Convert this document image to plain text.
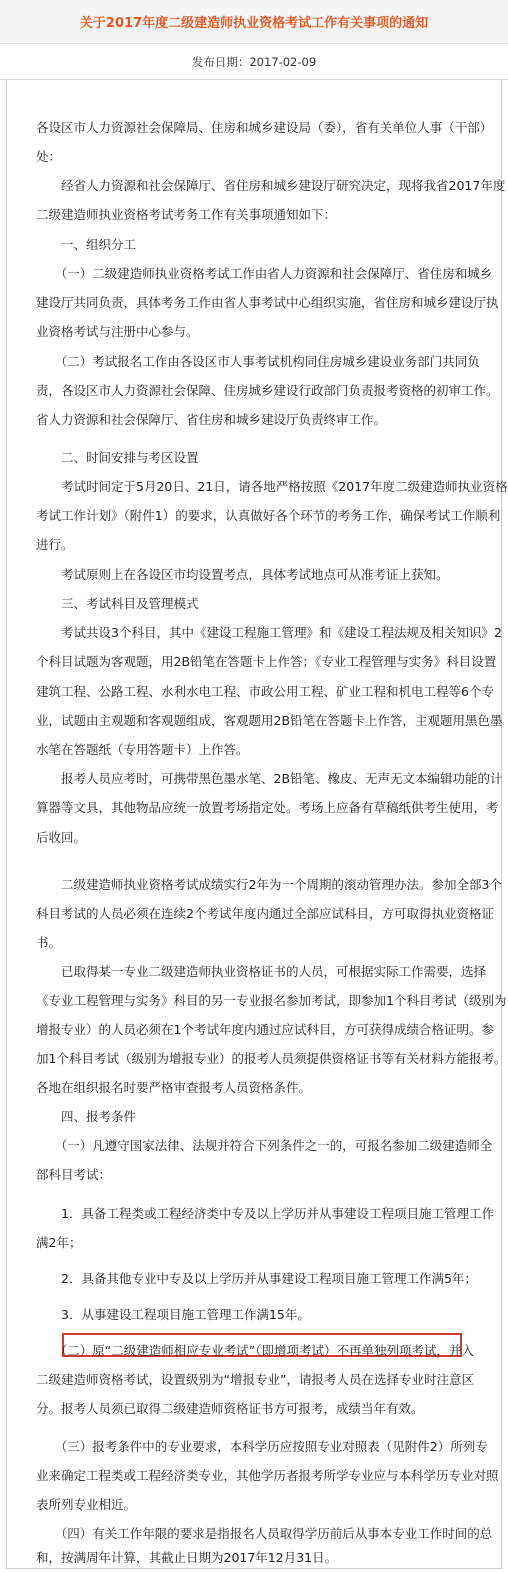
关于2017年度二级建造师执业资格考试工作有关事项的通知
发布日期： 2017-02-09
各设区市人力资源社会保障局、住房和城乡建设局（委），省有关单位人事（干部）
处：
　　经省人力资源和社会保障厅、省住房和城乡建设厅研究决定，现将我省2017年度
二级建造师执业资格考试考务工作有关事项通知如下：
　　一、组织分工
　　（一）二级建造师执业资格考试工作由省人力资源和社会保障厅、省住房和城乡
建设厅共同负责，具体考务工作由省人事考试中心组织实施，省住房和城乡建设厅执
业资格考试与注册中心参与。
　　（二）考试报名工作由各设区市人事考试机构同住房城乡建设业务部门共同负
责，各设区市人力资源社会保障、住房城乡建设行政部门负责报考资格的初审工作。
省人力资源和社会保障厅、省住房和城乡建设厅负责终审工作。
　　二、时间安排与考区设置
　　考试时间定于5月20日、21日，请各地严格按照《2017年度二级建造师执业资格
考试工作计划》（附件1）的要求，认真做好各个环节的考务工作，确保考试工作顺利
进行。
　　考试原则上在各设区市均设置考点，具体考试地点可从准考证上获知。
　　三、考试科目及管理模式
　　考试共设3个科目，其中《建设工程施工管理》和《建设工程法规及相关知识》2
个科目试题为客观题，用2B铅笔在答题卡上作答；《专业工程管理与实务》科目设置
建筑工程、公路工程、水利水电工程、市政公用工程、矿业工程和机电工程等6个专
业，试题由主观题和客观题组成，客观题用2B铅笔在答题卡上作答，主观题用黑色墨
水笔在答题纸（专用答题卡）上作答。
　　报考人员应考时，可携带黑色墨水笔、2B铅笔、橡皮、无声无文本编辑功能的计
算器等文具，其他物品应统一放置考场指定处。考场上应备有草稿纸供考生使用，考
后收回。
　　二级建造师执业资格考试成绩实行2年为一个周期的滚动管理办法。参加全部3个
科目考试的人员必须在连续2个考试年度内通过全部应试科目，方可取得执业资格证
书。
　　已取得某一专业二级建造师执业资格证书的人员，可根据实际工作需要，选择
《专业工程管理与实务》科目的另一专业报名参加考试，即参加1个科目考试（级别为
增报专业）的人员必须在1个考试年度内通过应试科目，方可获得成绩合格证明。参
加1个科目考试（级别为增报专业）的报考人员须提供资格证书等有关材料方能报考。
各地在组织报名时要严格审查报考人员资格条件。
　　四、报考条件
　　（一）凡遵守国家法律、法规并符合下列条件之一的，可报名参加二级建造师全
部科目考试：
　　1．具备工程类或工程经济类中专及以上学历并从事建设工程项目施工管理工作
满2年；
　　2．具备其他专业中专及以上学历并从事建设工程项目施工管理工作满5年；
　　3．从事建设工程项目施工管理工作满15年。
　　（二）原“二级建造师相应专业考试”（即增项考试）不再单独列项考试，并入
二级建造师资格考试，设置级别为“增报专业”，请报考人员在选择专业时注意区
分。报考人员须已取得二级建造师资格证书方可报考，成绩当年有效。
　　（三）报考条件中的专业要求，本科学历应按照专业对照表（见附件2）所列专
业来确定工程类或工程经济类专业，其他学历者报考所学专业应与本科学历专业对照
表所列专业相近。
　　（四）有关工作年限的要求是指报名人员取得学历前后从事本专业工作时间的总
和，按满周年计算，其截止日期为2017年12月31日。
